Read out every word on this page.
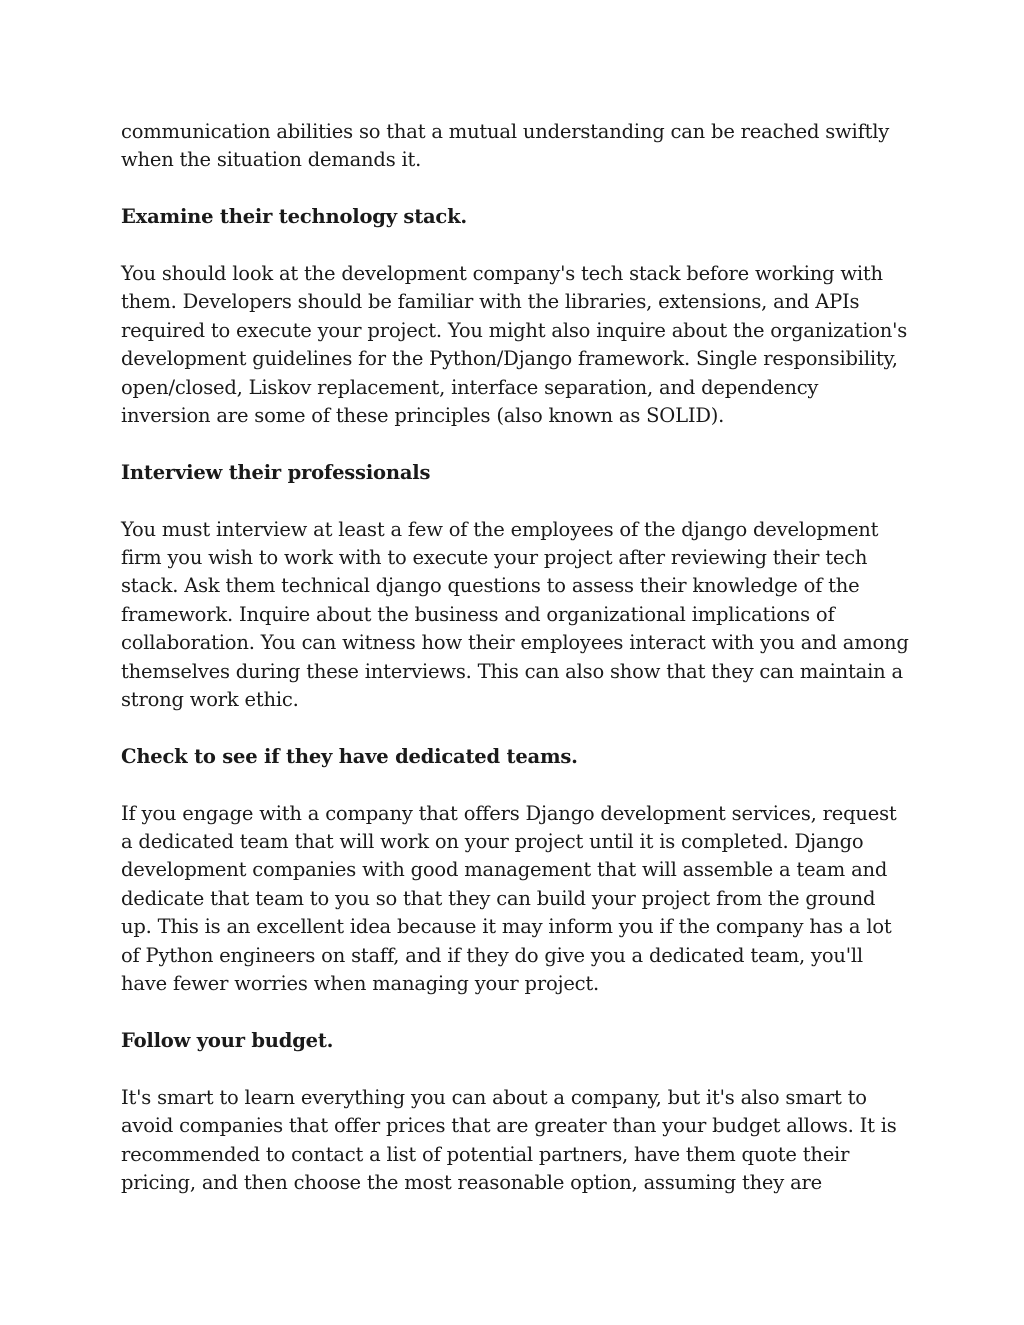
communication abilities so that a mutual understanding can be reached swiftly when the situation demands it.

Examine their technology stack.

You should look at the development company's tech stack before working with them. Developers should be familiar with the libraries, extensions, and APIs required to execute your project. You might also inquire about the organization's development guidelines for the Python/Django framework. Single responsibility, open/closed, Liskov replacement, interface separation, and dependency inversion are some of these principles (also known as SOLID).

Interview their professionals

You must interview at least a few of the employees of the django development firm you wish to work with to execute your project after reviewing their tech stack. Ask them technical django questions to assess their knowledge of the framework. Inquire about the business and organizational implications of collaboration. You can witness how their employees interact with you and among themselves during these interviews. This can also show that they can maintain a strong work ethic.

Check to see if they have dedicated teams.

If you engage with a company that offers Django development services, request a dedicated team that will work on your project until it is completed. Django development companies with good management that will assemble a team and dedicate that team to you so that they can build your project from the ground up. This is an excellent idea because it may inform you if the company has a lot of Python engineers on staff, and if they do give you a dedicated team, you'll have fewer worries when managing your project.

Follow your budget.

It's smart to learn everything you can about a company, but it's also smart to avoid companies that offer prices that are greater than your budget allows. It is recommended to contact a list of potential partners, have them quote their pricing, and then choose the most reasonable option, assuming they are
